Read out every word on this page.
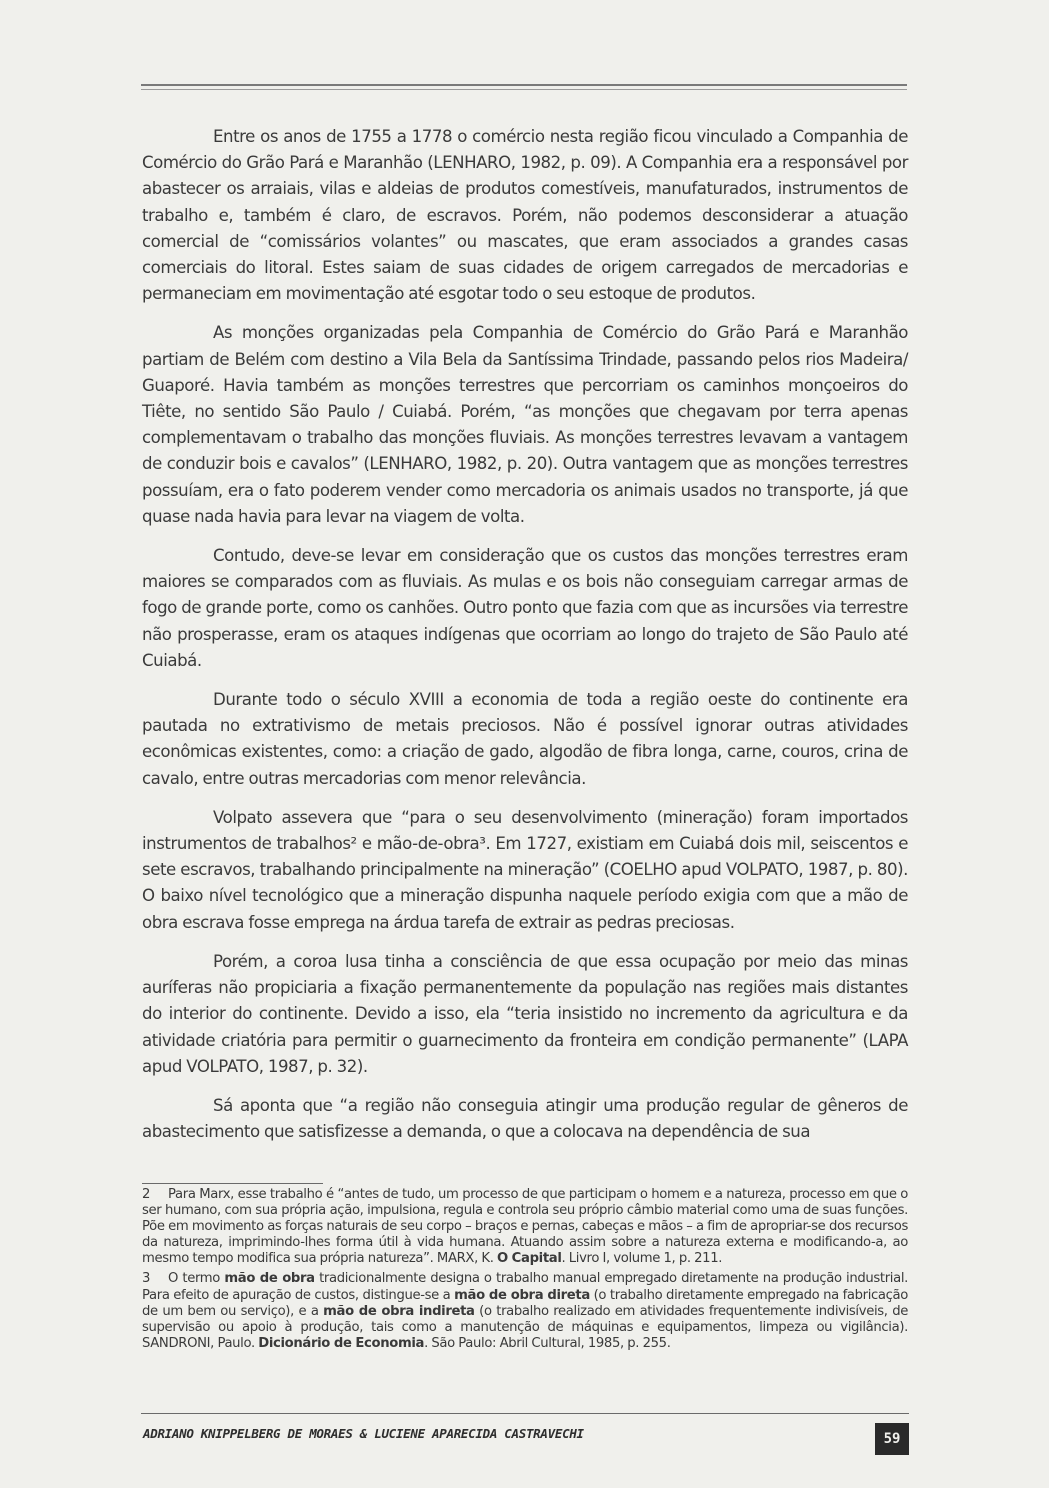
Entre os anos de 1755 a 1778 o comércio nesta região ficou vinculado a Companhia de Comércio do Grão Pará e Maranhão (LENHARO, 1982, p. 09). A Companhia era a responsável por abastecer os arraiais, vilas e aldeias de produtos comestíveis, manufaturados, instrumentos de trabalho e, também é claro, de escravos. Porém, não podemos desconsiderar a atuação comercial de “comissários volantes” ou mascates, que eram associados a grandes casas comerciais do litoral. Estes saiam de suas cidades de origem carregados de mercadorias e permaneciam em movimentação até esgotar todo o seu estoque de produtos.

As monções organizadas pela Companhia de Comércio do Grão Pará e Maranhão partiam de Belém com destino a Vila Bela da Santíssima Trindade, passando pelos rios Madeira/ Guaporé. Havia também as monções terrestres que percorriam os caminhos monçoeiros do Tiête, no sentido São Paulo / Cuiabá. Porém, “as monções que chegavam por terra apenas complementavam o trabalho das monções fluviais. As monções terrestres levavam a vantagem de conduzir bois e cavalos” (LENHARO, 1982, p. 20). Outra vantagem que as monções terrestres possuíam, era o fato poderem vender como mercadoria os animais usados no transporte, já que quase nada havia para levar na viagem de volta.

Contudo, deve-se levar em consideração que os custos das monções terrestres eram maiores se comparados com as fluviais. As mulas e os bois não conseguiam carregar armas de fogo de grande porte, como os canhões. Outro ponto que fazia com que as incursões via terrestre não prosperasse, eram os ataques indígenas que ocorriam ao longo do trajeto de São Paulo até Cuiabá.

Durante todo o século XVIII a economia de toda a região oeste do continente era pautada no extrativismo de metais preciosos. Não é possível ignorar outras atividades econômicas existentes, como: a criação de gado, algodão de fibra longa, carne, couros, crina de cavalo, entre outras mercadorias com menor relevância.

Volpato assevera que “para o seu desenvolvimento (mineração) foram importados instrumentos de trabalhos² e mão-de-obra³. Em 1727, existiam em Cuiabá dois mil, seiscentos e sete escravos, trabalhando principalmente na mineração” (COELHO apud VOLPATO, 1987, p. 80). O baixo nível tecnológico que a mineração dispunha naquele período exigia com que a mão de obra escrava fosse emprega na árdua tarefa de extrair as pedras preciosas.

Porém, a coroa lusa tinha a consciência de que essa ocupação por meio das minas auríferas não propiciaria a fixação permanentemente da população nas regiões mais distantes do interior do continente. Devido a isso, ela “teria insistido no incremento da agricultura e da atividade criatória para permitir o guarnecimento da fronteira em condição permanente” (LAPA apud VOLPATO, 1987, p. 32).

Sá aponta que “a região não conseguia atingir uma produção regular de gêneros de abastecimento que satisfizesse a demanda, o que a colocava na dependência de sua

2 Para Marx, esse trabalho é “antes de tudo, um processo de que participam o homem e a natureza, processo em que o ser humano, com sua própria ação, impulsiona, regula e controla seu próprio câmbio material como uma de suas funções. Põe em movimento as forças naturais de seu corpo – braços e pernas, cabeças e mãos – a fim de apropriar-se dos recursos da natureza, imprimindo-lhes forma útil à vida humana. Atuando assim sobre a natureza externa e modificando-a, ao mesmo tempo modifica sua própria natureza”. MARX, K. O Capital. Livro I, volume 1, p. 211.

3 O termo mão de obra tradicionalmente designa o trabalho manual empregado diretamente na produção industrial. Para efeito de apuração de custos, distingue-se a mão de obra direta (o trabalho diretamente empregado na fabricação de um bem ou serviço), e a mão de obra indireta (o trabalho realizado em atividades frequentemente indivisíveis, de supervisão ou apoio à produção, tais como a manutenção de máquinas e equipamentos, limpeza ou vigilância). SANDRONI, Paulo. Dicionário de Economia. São Paulo: Abril Cultural, 1985, p. 255.

ADRIANO KNIPPELBERG DE MORAES & LUCIENE APARECIDA CASTRAVECHI	59
